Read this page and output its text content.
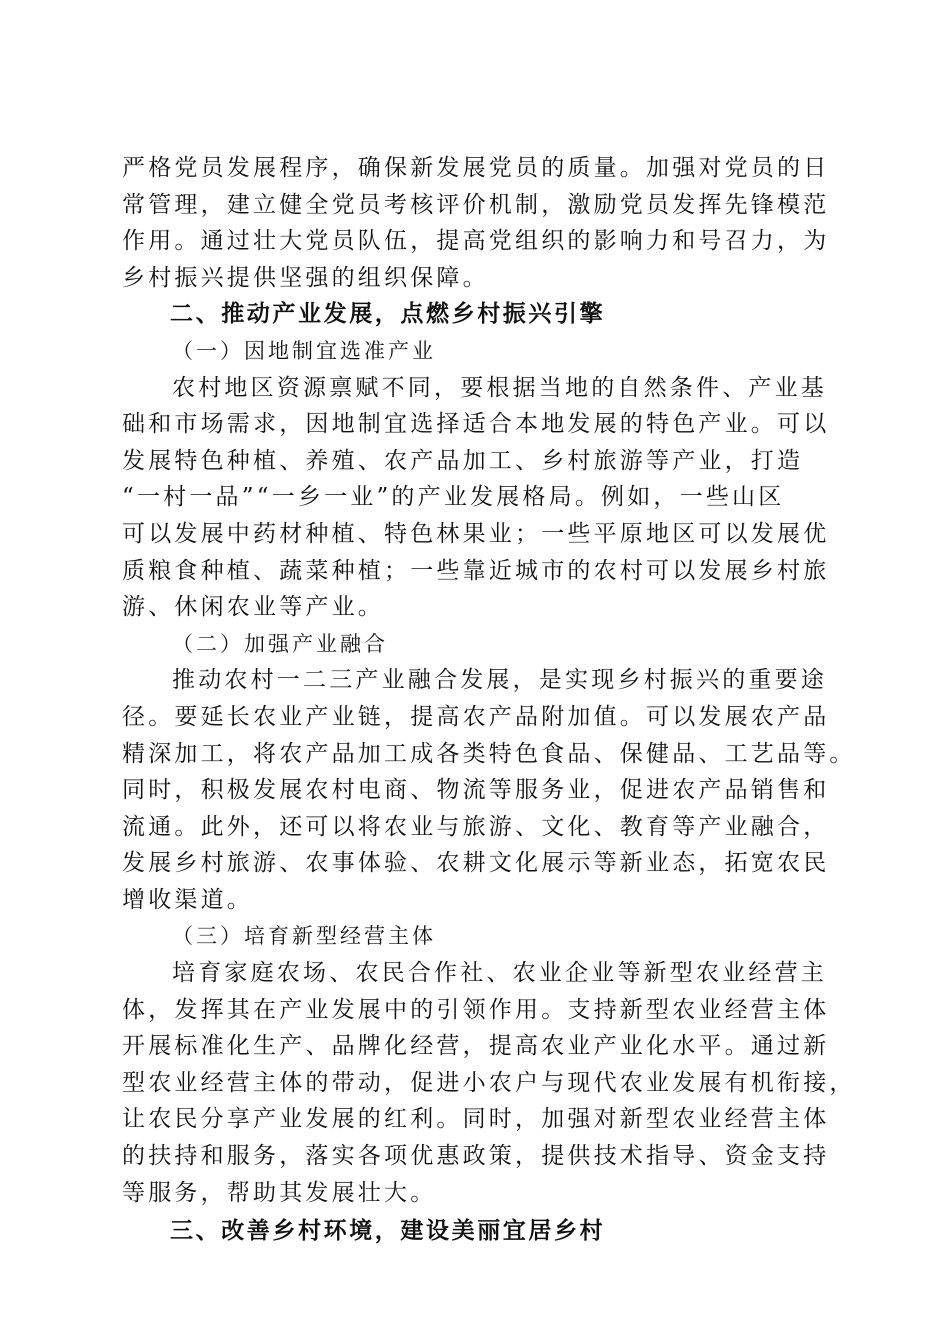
严格党员发展程序，确保新发展党员的质量。加强对党员的日
常管理，建立健全党员考核评价机制，激励党员发挥先锋模范
作用。通过壮大党员队伍，提高党组织的影响力和号召力，为
乡村振兴提供坚强的组织保障。
二、推动产业发展，点燃乡村振兴引擎
（一）因地制宜选准产业
农村地区资源禀赋不同，要根据当地的自然条件、产业基
础和市场需求，因地制宜选择适合本地发展的特色产业。可以
发展特色种植、养殖、农产品加工、乡村旅游等产业，打造
“一村一品”“一乡一业”的产业发展格局。例如，一些山区
可以发展中药材种植、特色林果业；一些平原地区可以发展优
质粮食种植、蔬菜种植；一些靠近城市的农村可以发展乡村旅
游、休闲农业等产业。
（二）加强产业融合
推动农村一二三产业融合发展，是实现乡村振兴的重要途
径。要延长农业产业链，提高农产品附加值。可以发展农产品
精深加工，将农产品加工成各类特色食品、保健品、工艺品等。
同时，积极发展农村电商、物流等服务业，促进农产品销售和
流通。此外，还可以将农业与旅游、文化、教育等产业融合，
发展乡村旅游、农事体验、农耕文化展示等新业态，拓宽农民
增收渠道。
（三）培育新型经营主体
培育家庭农场、农民合作社、农业企业等新型农业经营主
体，发挥其在产业发展中的引领作用。支持新型农业经营主体
开展标准化生产、品牌化经营，提高农业产业化水平。通过新
型农业经营主体的带动，促进小农户与现代农业发展有机衔接，
让农民分享产业发展的红利。同时，加强对新型农业经营主体
的扶持和服务，落实各项优惠政策，提供技术指导、资金支持
等服务，帮助其发展壮大。
三、改善乡村环境，建设美丽宜居乡村
